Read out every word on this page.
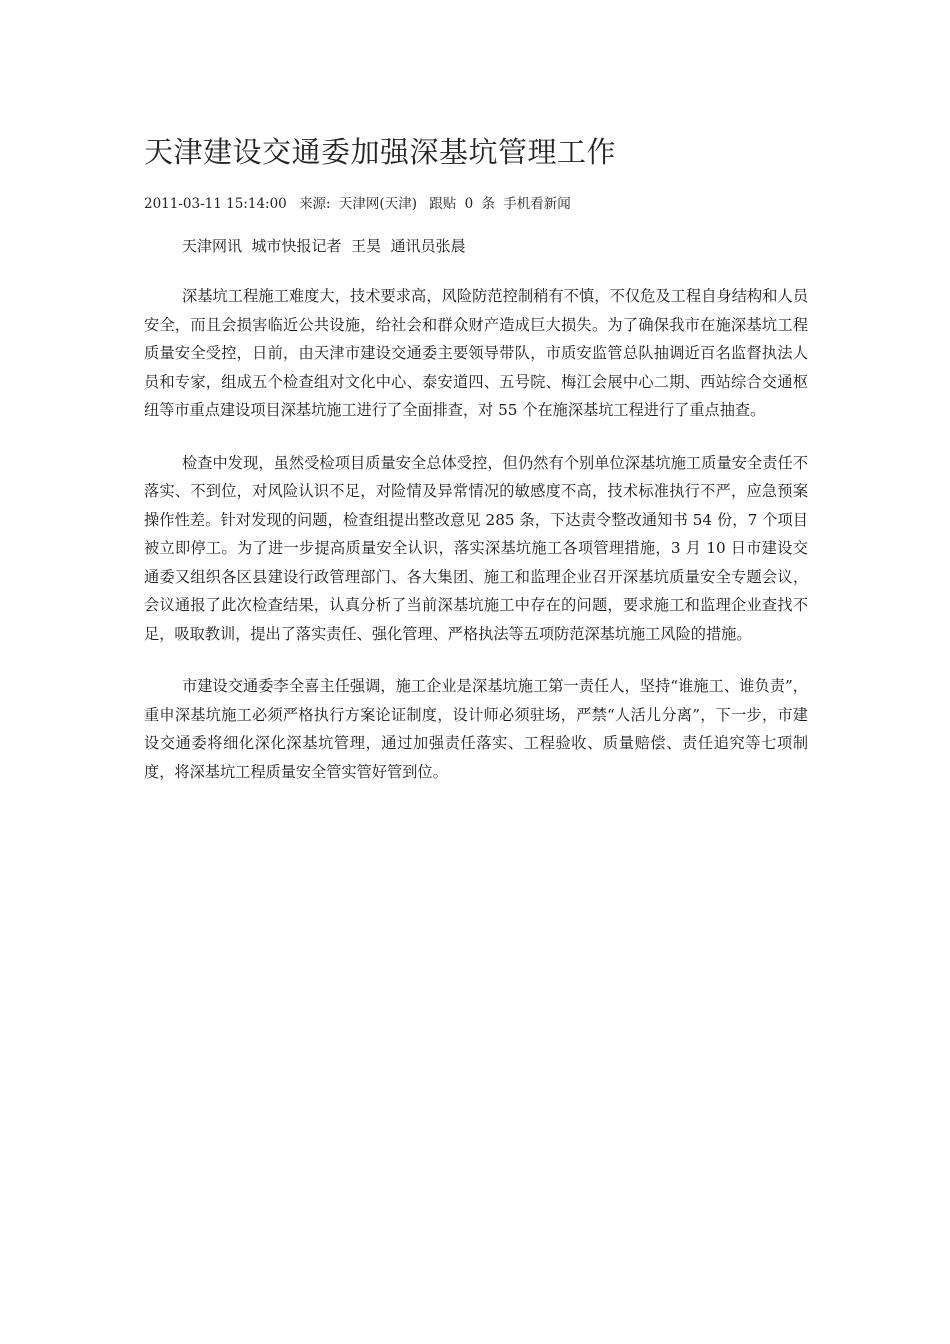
天津建设交通委加强深基坑管理工作
2011-03-11 15:14:00 来源: 天津网(天津) 跟贴 0 条 手机看新闻
天津网讯  城市快报记者  王昊  通讯员张晨

深基坑工程施工难度大，技术要求高，风险防范控制稍有不慎，不仅危及工程自身结构和人员安全，而且会损害临近公共设施，给社会和群众财产造成巨大损失。为了确保我市在施深基坑工程质量安全受控，日前，由天津市建设交通委主要领导带队，市质安监管总队抽调近百名监督执法人员和专家，组成五个检查组对文化中心、泰安道四、五号院、梅江会展中心二期、西站综合交通枢纽等市重点建设项目深基坑施工进行了全面排查，对 55 个在施深基坑工程进行了重点抽查。

检查中发现，虽然受检项目质量安全总体受控，但仍然有个别单位深基坑施工质量安全责任不落实、不到位，对风险认识不足，对险情及异常情况的敏感度不高，技术标准执行不严，应急预案操作性差。针对发现的问题，检查组提出整改意见 285 条，下达责令整改通知书 54 份，7 个项目被立即停工。为了进一步提高质量安全认识，落实深基坑施工各项管理措施，3 月 10 日市建设交通委又组织各区县建设行政管理部门、各大集团、施工和监理企业召开深基坑质量安全专题会议，会议通报了此次检查结果，认真分析了当前深基坑施工中存在的问题，要求施工和监理企业查找不足，吸取教训，提出了落实责任、强化管理、严格执法等五项防范深基坑施工风险的措施。

市建设交通委李全喜主任强调，施工企业是深基坑施工第一责任人，坚持“谁施工、谁负责”，重申深基坑施工必须严格执行方案论证制度，设计师必须驻场，严禁“人活儿分离”，下一步，市建设交通委将细化深化深基坑管理，通过加强责任落实、工程验收、质量赔偿、责任追究等七项制度，将深基坑工程质量安全管实管好管到位。
